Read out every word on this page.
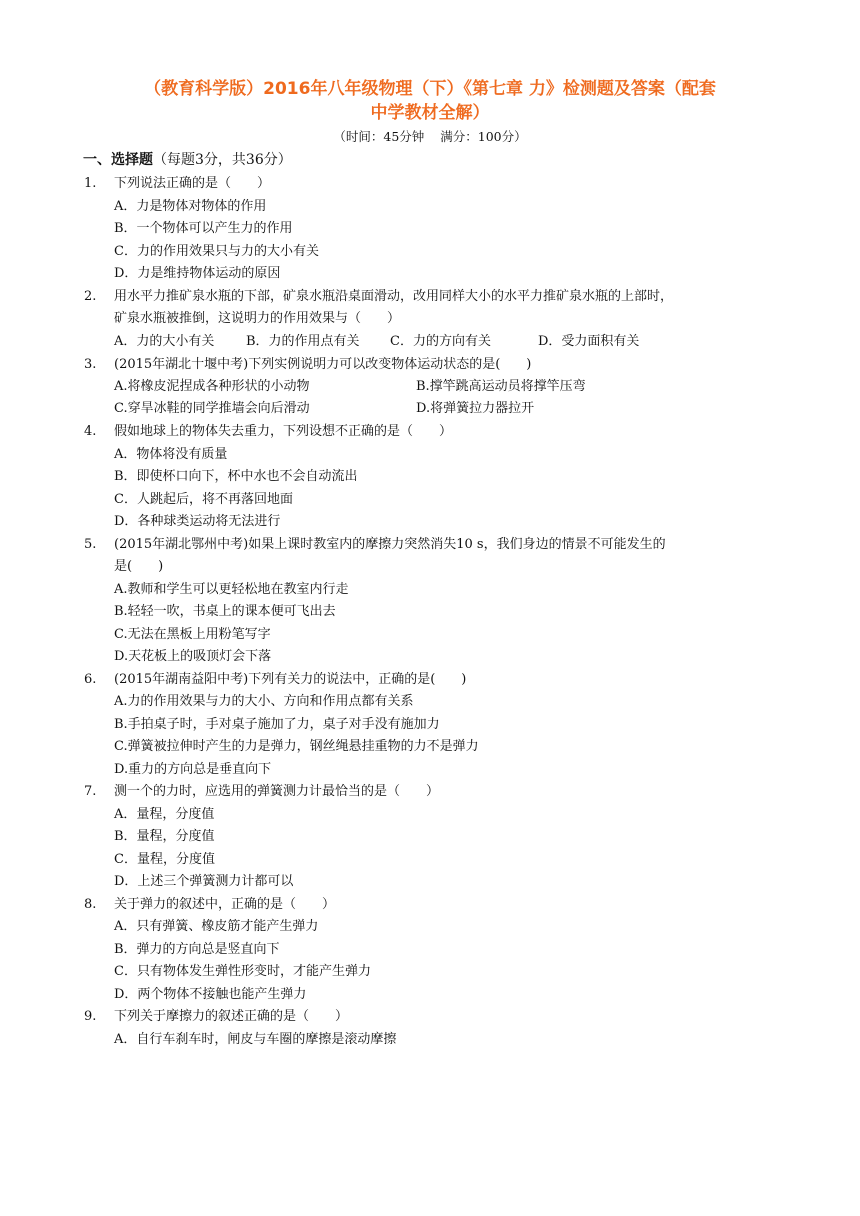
（教育科学版）2016年八年级物理（下）《第七章 力》检测题及答案（配套
中学教材全解）
（时间：45分钟 满分：100分）
一、选择题（每题3分，共36分）
1. 下列说法正确的是（　　）
A．力是物体对物体的作用
B．一个物体可以产生力的作用
C．力的作用效果只与力的大小有关
D．力是维持物体运动的原因
2. 用水平力推矿泉水瓶的下部，矿泉水瓶沿桌面滑动，改用同样大小的水平力推矿泉水瓶的上部时，
矿泉水瓶被推倒，这说明力的作用效果与（　　）
A．力的大小有关 B．力的作用点有关 C．力的方向有关	D．受力面积有关
3. (2015年湖北十堰中考)下列实例说明力可以改变物体运动状态的是(　　)
A.将橡皮泥捏成各种形状的小动物	B.撑竿跳高运动员将撑竿压弯
C.穿旱冰鞋的同学推墙会向后滑动	D.将弹簧拉力器拉开
4. 假如地球上的物体失去重力，下列设想不正确的是（　　）
A．物体将没有质量
B．即使杯口向下，杯中水也不会自动流出
C．人跳起后，将不再落回地面
D．各种球类运动将无法进行
5. (2015年湖北鄂州中考)如果上课时教室内的摩擦力突然消失10 s，我们身边的情景不可能发生的
是(　　)
A.教师和学生可以更轻松地在教室内行走
B.轻轻一吹，书桌上的课本便可飞出去
C.无法在黑板上用粉笔写字
D.天花板上的吸顶灯会下落
6. (2015年湖南益阳中考)下列有关力的说法中，正确的是(　　)
A.力的作用效果与力的大小、方向和作用点都有关系
B.手拍桌子时，手对桌子施加了力，桌子对手没有施加力
C.弹簧被拉伸时产生的力是弹力，钢丝绳悬挂重物的力不是弹力
D.重力的方向总是垂直向下
7. 测一个的力时，应选用的弹簧测力计最恰当的是（　　）
A．量程，分度值
B．量程，分度值
C．量程，分度值
D．上述三个弹簧测力计都可以
8. 关于弹力的叙述中，正确的是（　　）
A．只有弹簧、橡皮筋才能产生弹力
B．弹力的方向总是竖直向下
C．只有物体发生弹性形变时，才能产生弹力
D．两个物体不接触也能产生弹力
9. 下列关于摩擦力的叙述正确的是（　　）
A．自行车刹车时，闸皮与车圈的摩擦是滚动摩擦
